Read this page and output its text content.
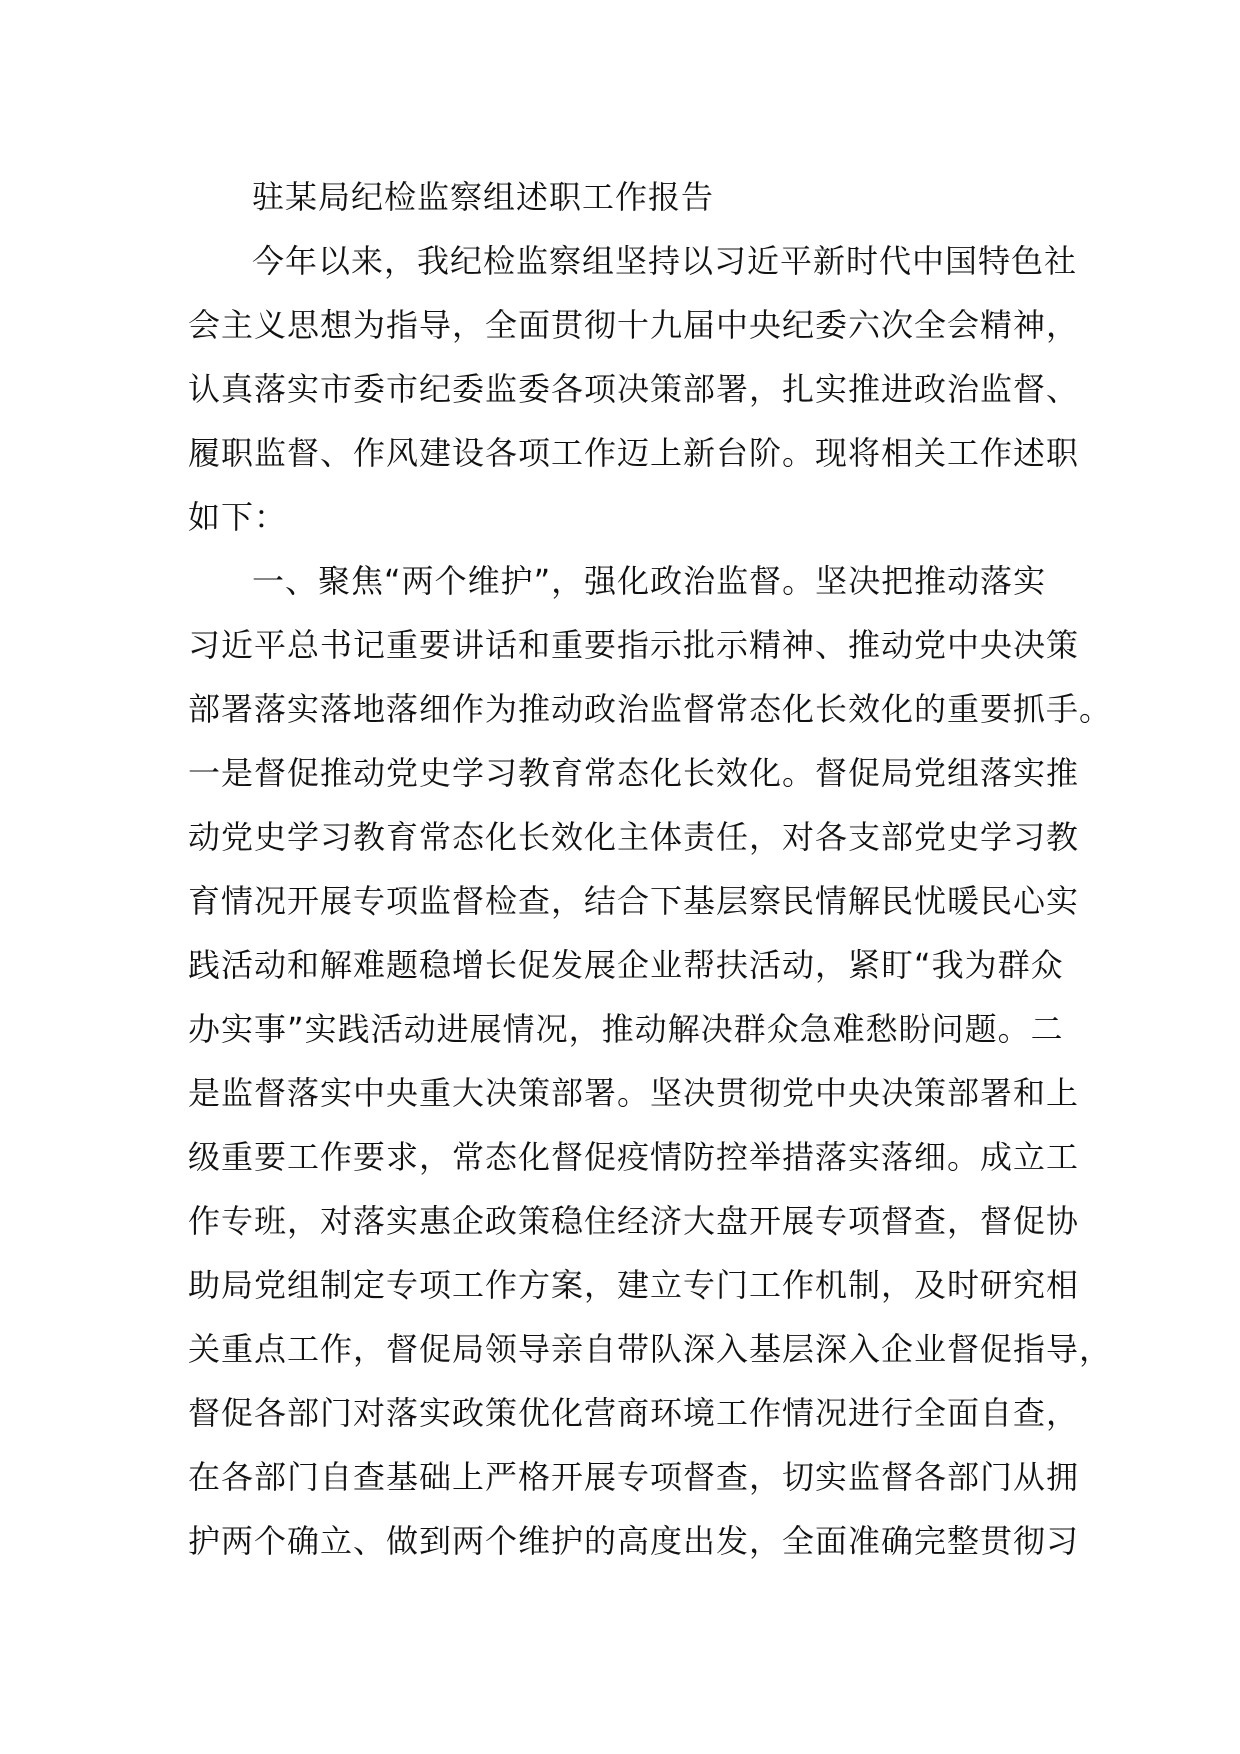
驻某局纪检监察组述职工作报告
今年以来，我纪检监察组坚持以习近平新时代中国特色社
会主义思想为指导，全面贯彻十九届中央纪委六次全会精神，
认真落实市委市纪委监委各项决策部署，扎实推进政治监督、
履职监督、作风建设各项工作迈上新台阶。现将相关工作述职
如下：
一、聚焦“两个维护”，强化政治监督。坚决把推动落实
习近平总书记重要讲话和重要指示批示精神、推动党中央决策
部署落实落地落细作为推动政治监督常态化长效化的重要抓手。
一是督促推动党史学习教育常态化长效化。督促局党组落实推
动党史学习教育常态化长效化主体责任，对各支部党史学习教
育情况开展专项监督检查，结合下基层察民情解民忧暖民心实
践活动和解难题稳增长促发展企业帮扶活动，紧盯“我为群众
办实事”实践活动进展情况，推动解决群众急难愁盼问题。二
是监督落实中央重大决策部署。坚决贯彻党中央决策部署和上
级重要工作要求，常态化督促疫情防控举措落实落细。成立工
作专班，对落实惠企政策稳住经济大盘开展专项督查，督促协
助局党组制定专项工作方案，建立专门工作机制，及时研究相
关重点工作，督促局领导亲自带队深入基层深入企业督促指导，
督促各部门对落实政策优化营商环境工作情况进行全面自查，
在各部门自查基础上严格开展专项督查，切实监督各部门从拥
护两个确立、做到两个维护的高度出发，全面准确完整贯彻习
